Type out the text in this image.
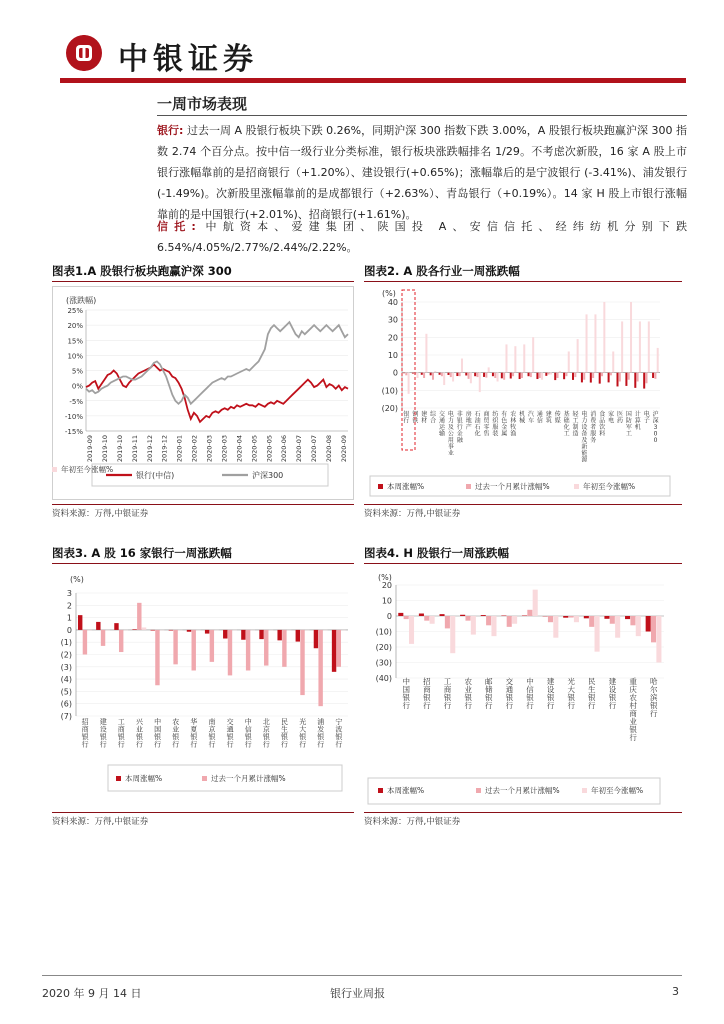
中银证券
一周市场表现
银行: 过去一周 A 股银行板块下跌 0.26%，同期沪深 300 指数下跌 3.00%，A 股银行板块跑赢沪深 300 指数 2.74 个百分点。按中信一级行业分类标准，银行板块涨跌幅排名 1/29。不考虑次新股，16 家 A 股上市银行涨幅靠前的是招商银行（+1.20%）、建设银行(+0.65%)；涨幅靠后的是宁波银行 (-3.41%)、浦发银行 (-1.49%)。次新股里涨幅靠前的是成都银行（+2.63%）、青岛银行（+0.19%）。14 家 H 股上市银行涨幅靠前的是中国银行(+2.01%)、招商银行(+1.61%)。
信托: 中航资本、爱建集团、陕国投 A、安信信托、经纬纺机分别下跌 6.54%/4.05%/2.77%/2.44%/2.22%。
图表1.A 股银行板块跑赢沪深 300	图表2. A 股各行业一周涨跌幅
(涨跌幅)
25%
20%
15%
10%
5%
0%
-5%
-10%
-15%
2019-09 2019-10 2019-10 2019-11 2019-12 2019-12 2020-01 2020-02 2020-03 2020-03 2020-04 2020-05 2020-05 2020-06 2020-07 2020-07 2020-08 2020-09
银行(中信)	沪深300
(%)
40
30
20
10
0
(10)
(20)
银行
钢铁
建材
综合
交通运输
电力及公用事业
非银行金融
房地产
石油石化
商贸零售
纺织服装
有色金属
农林牧渔
机械
汽车
通信
建筑
传媒
基础化工
轻工制造
电力设备及新能源
消费者服务
食品饮料
家电
医药
国防军工
计算机
电子
沪深 3 0 0
本周涨幅%	过去一个月累计涨幅%	年初至今涨幅%
资料来源：万得,中银证券	资料来源：万得,中银证券
图表3. A 股 16 家银行一周涨跌幅	图表4. H 股银行一周涨跌幅
(%)
3
2
1
0
(1)
(2)
(3)
(4)
(5)
(6)
(7)
招商银行
建设银行
工商银行
兴业银行
中国银行
农业银行
华夏银行
南京银行
交通银行
中信银行
北京银行
民生银行
光大银行
浦发银行
宁波银行
本周涨幅%	过去一个月累计涨幅%
年初至今涨幅%
(%)
20
10
0
(10)
(20)
(30)
(40) 中国银行
招商银行
工商银行
农业银行
邮储银行
交通银行
中信银行
建设银行
光大银行
民生银行
建设银行
重庆农村商业银行
哈尔滨银行
本周涨幅%	过去一个月累计涨幅%	年初至今涨幅%
资料来源：万得,中银证券	资料来源：万得,中银证券
2020 年 9 月 14 日	银行业周报	3
